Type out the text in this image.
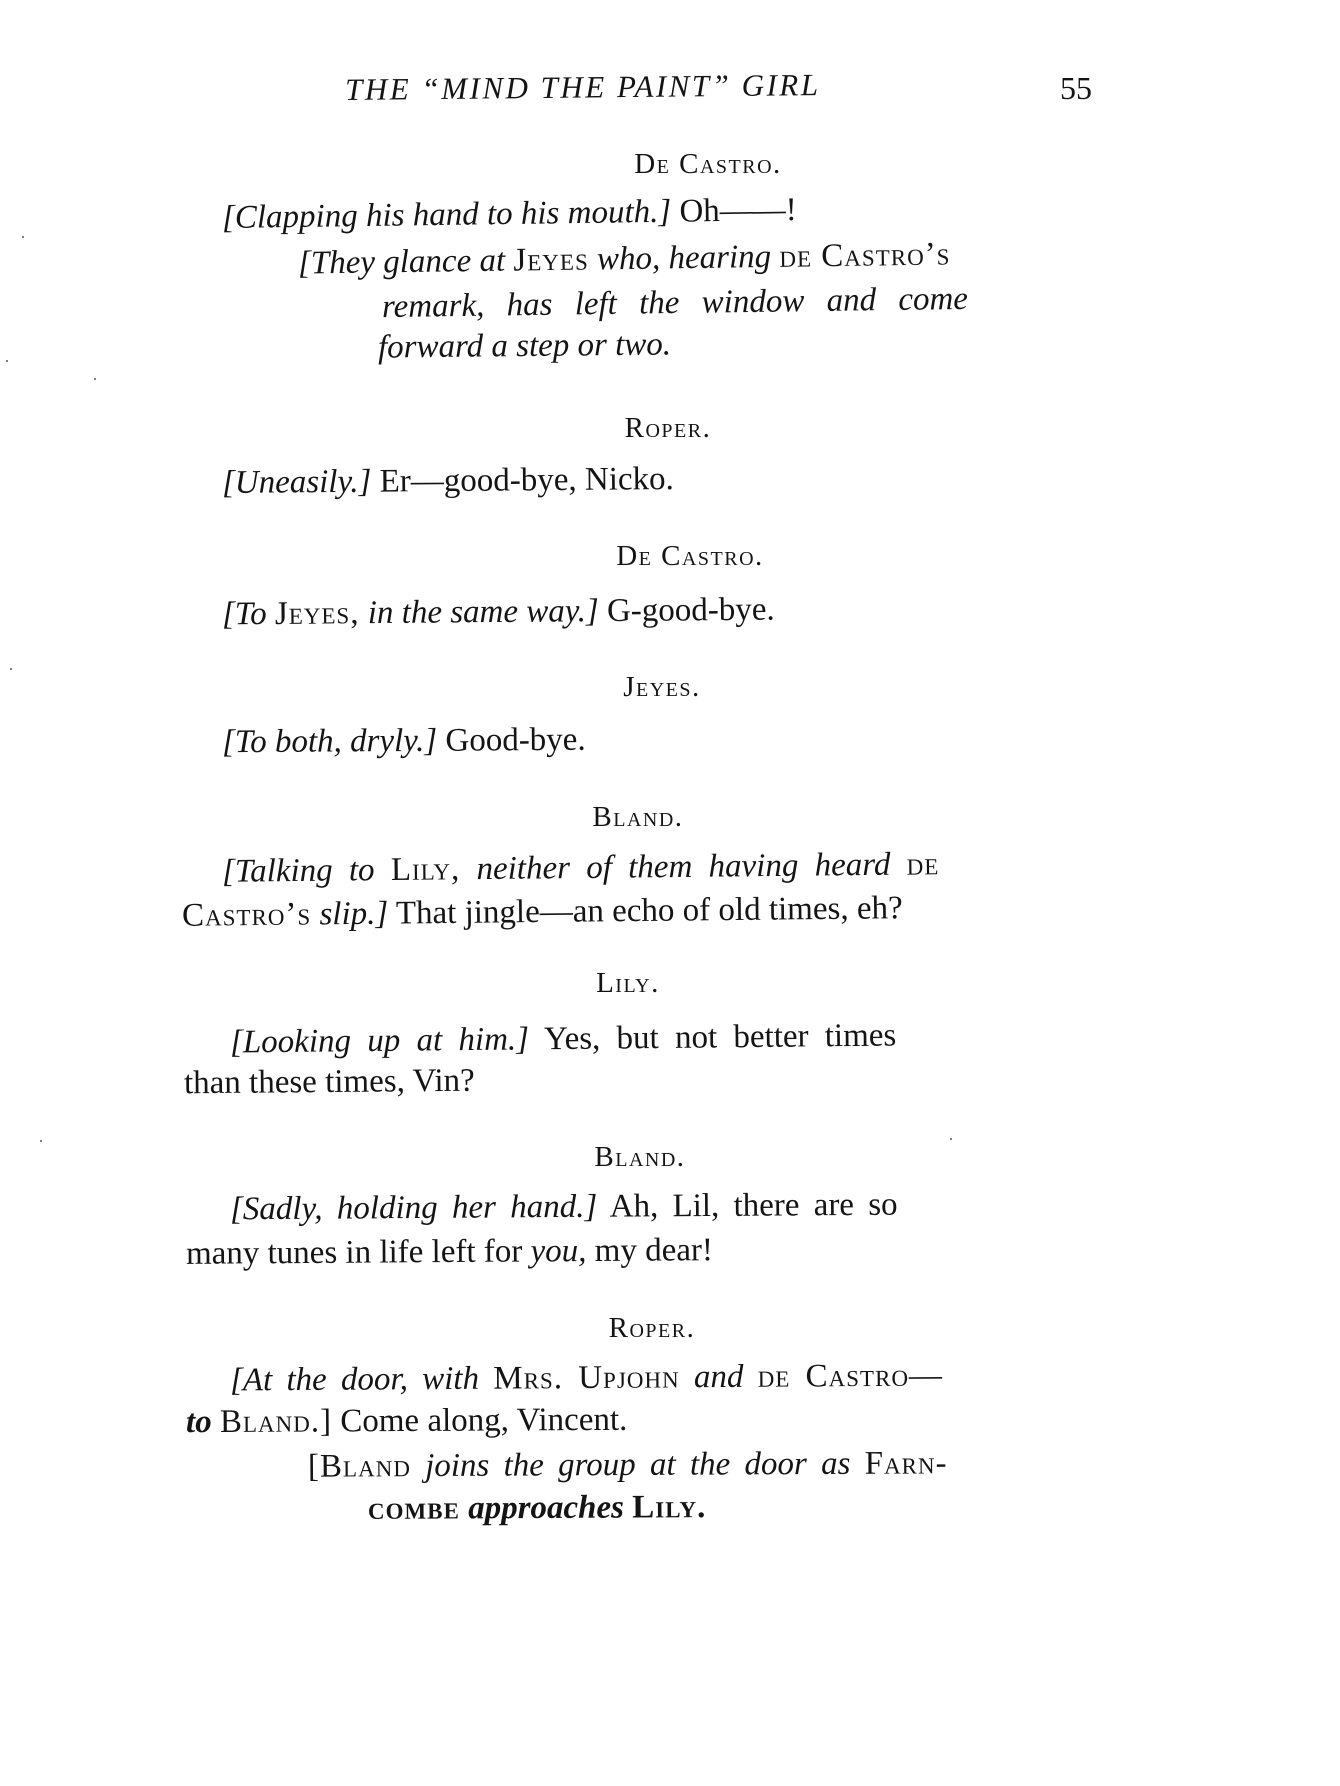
THE “MIND THE PAINT” GIRL	55
De Castro.
[Clapping his hand to his mouth.] Oh——!
[They glance at Jeyes who, hearing de Castro’s
remark, has left the window and come
forward a step or two.
Roper.
[Uneasily.] Er—good-bye, Nicko.
De Castro.
[To Jeyes, in the same way.] G-good-bye.
Jeyes.
[To both, dryly.] Good-bye.
Bland.
[Talking to Lily, neither of them having heard de
Castro’s slip.] That jingle—an echo of old times, eh?
Lily.
[Looking up at him.] Yes, but not better times
than these times, Vin?
Bland.
[Sadly, holding her hand.] Ah, Lil, there are so
many tunes in life left for you, my dear!
Roper.
[At the door, with Mrs. Upjohn and de Castro—
to Bland.] Come along, Vincent.
[Bland joins the group at the door as Farn-
combe approaches Lily.
